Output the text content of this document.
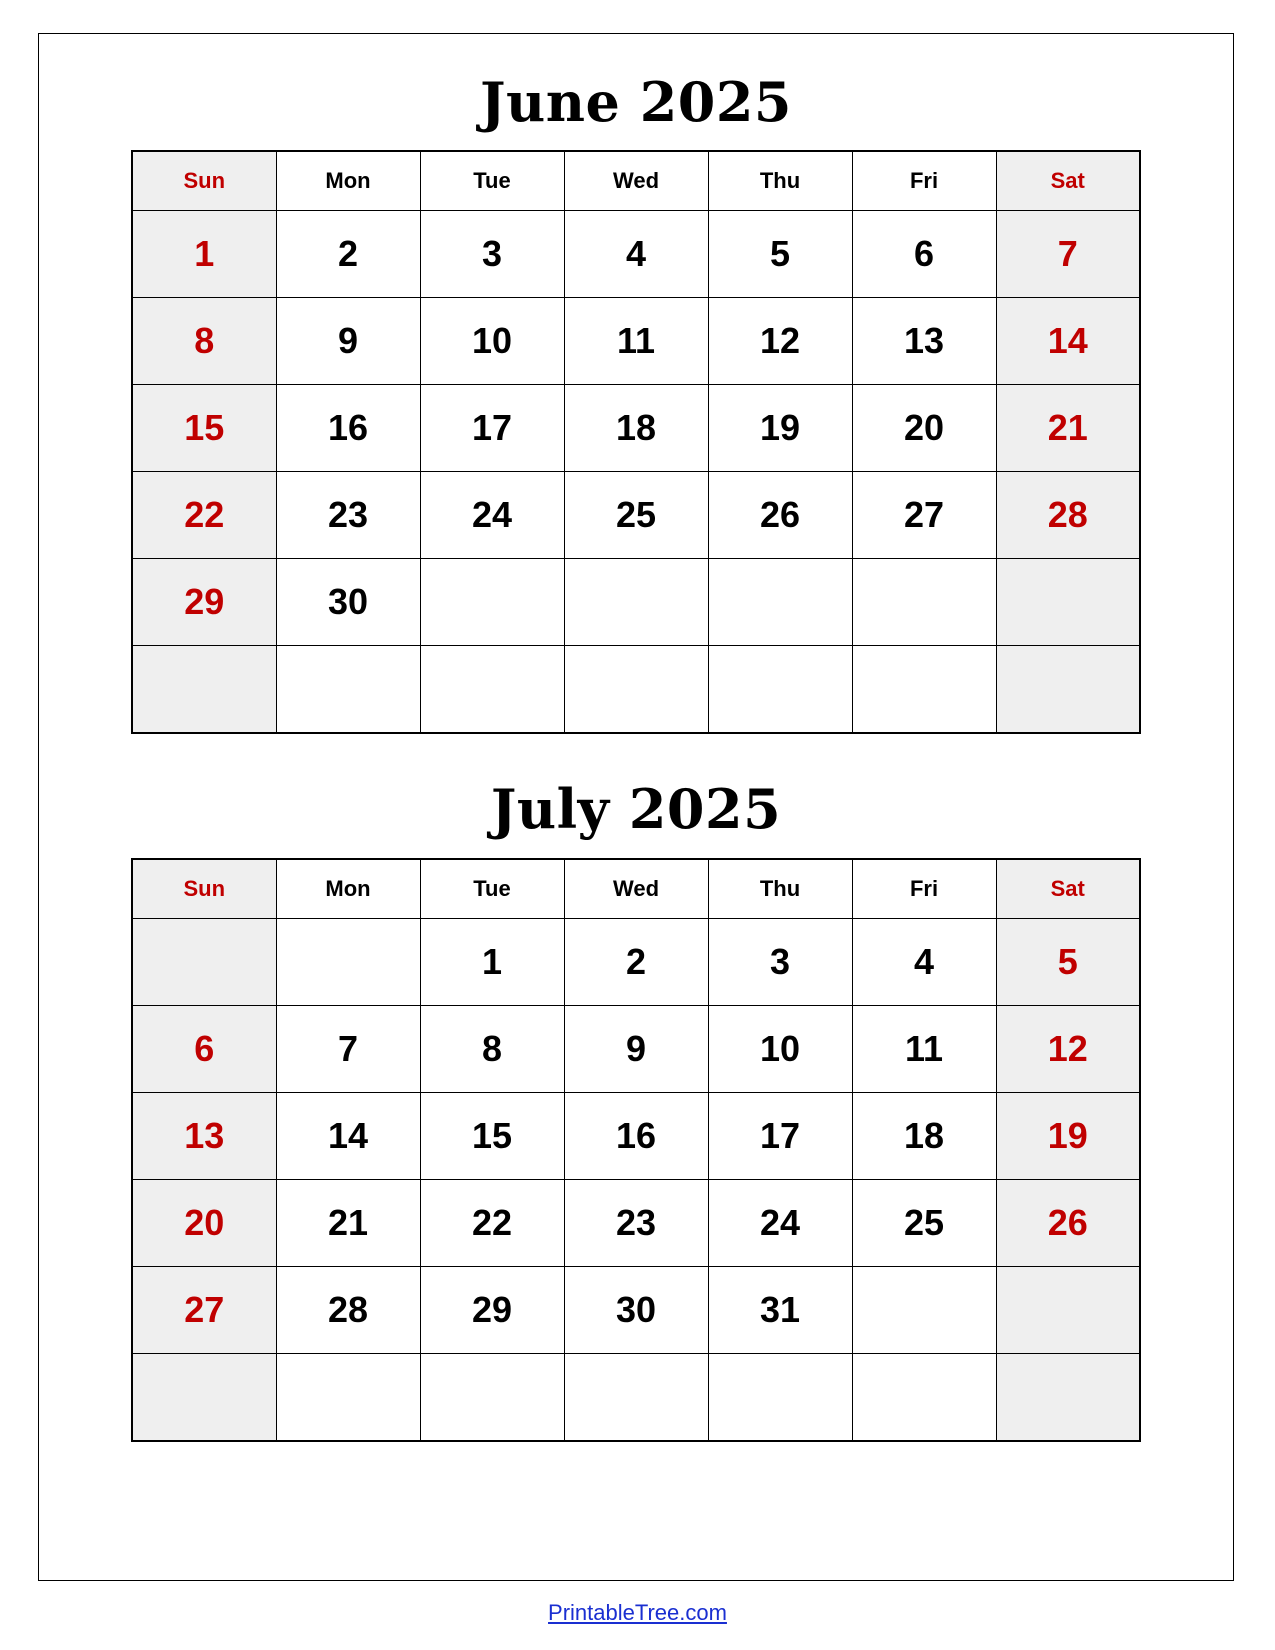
June 2025
Sun	Mon	Tue	Wed	Thu	Fri	Sat
1	2	3	4	5	6	7
8	9	10	11	12	13	14
15	16	17	18	19	20	21
22	23	24	25	26	27	28
29	30					

July 2025
Sun	Mon	Tue	Wed	Thu	Fri	Sat
		1	2	3	4	5
6	7	8	9	10	11	12
13	14	15	16	17	18	19
20	21	22	23	24	25	26
27	28	29	30	31		

PrintableTree.com
